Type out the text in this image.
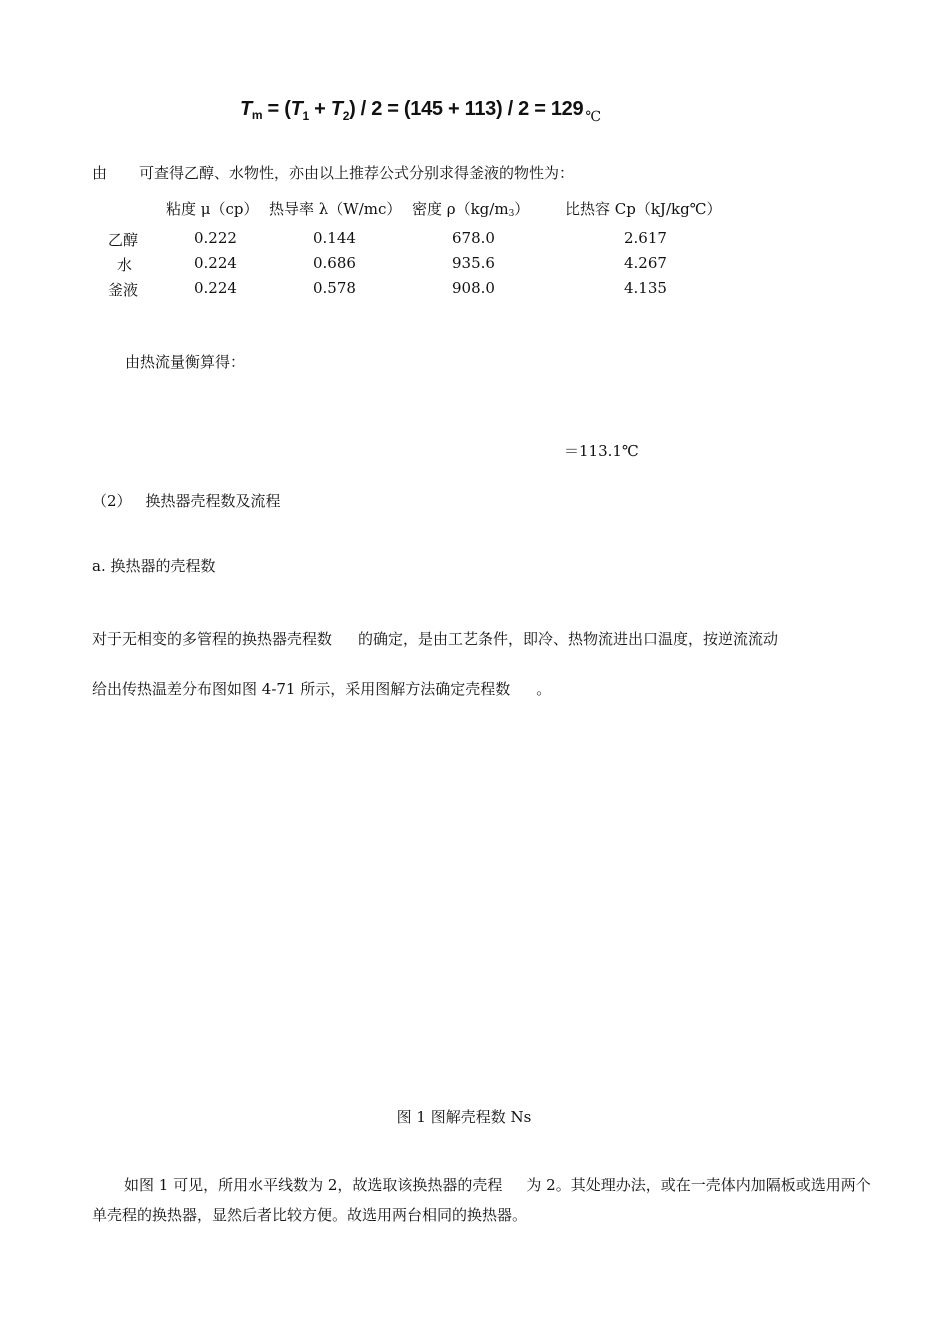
$T_m = (T_1 + T_2) / 2 = (145 + 113) / 2 = 129$ $_℃$
由 可查得乙醇、水物性，亦由以上推荐公式分别求得釜液的物性为：
粘度 μ（cp） 热导率 λ（W/mc） 密度 $\rho(kg/m_3)$ 比热容 Cp（kJ/kg℃）
乙醇	0.222	0.144	678.0	2.617
水	0.224	0.686	935.6	4.267
釜液	0.224	0.578	908.0	4.135
由热流量衡算得：
＝113.1℃
（2） 换热器壳程数及流程
a. 换热器的壳程数
对于无相变的多管程的换热器壳程数 的确定，是由工艺条件，即冷、热物流进出口温度，按逆流流动
给出传热温差分布图如图 4-71 所示，采用图解方法确定壳程数 。
图 1 图解壳程数 Ns
如图 1 可见，所用水平线数为 2，故选取该换热器的壳程 为 2。其处理办法，或在一壳体内加隔板或选用两个单壳程的换热器，显然后者比较方便。故选用两台相同的换热器。
